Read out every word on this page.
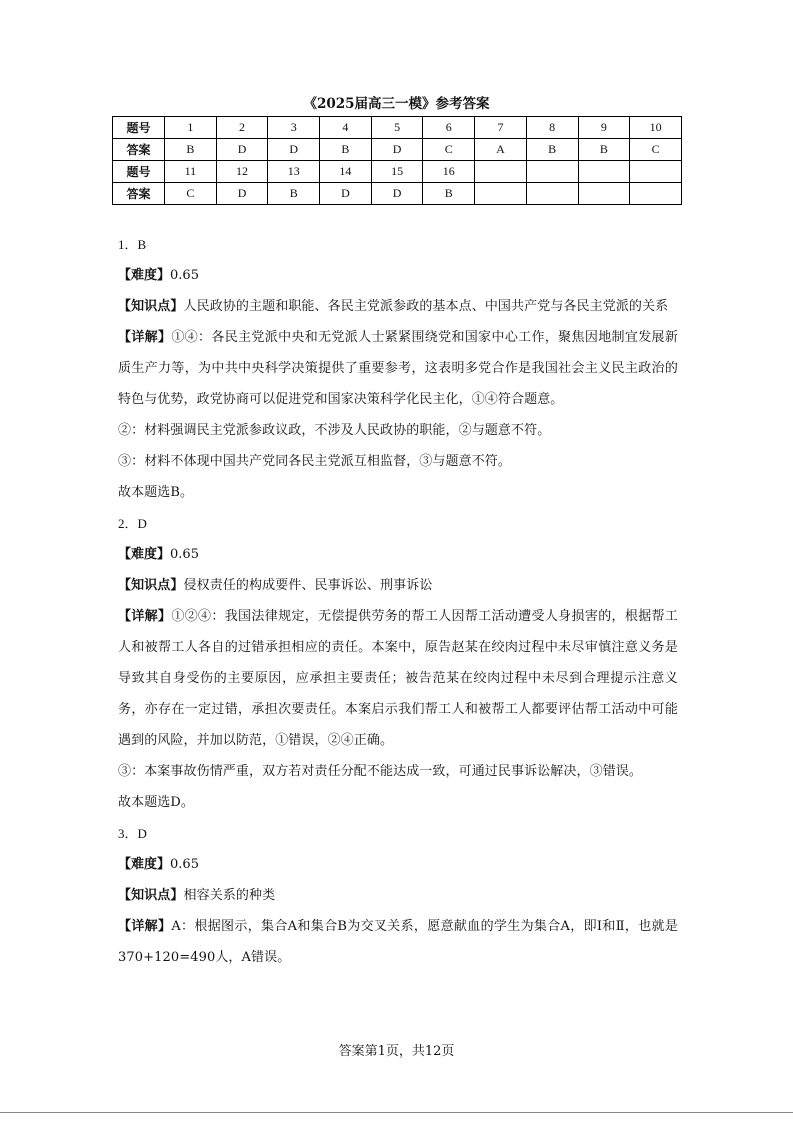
《2025届高三一模》参考答案
题号	1	2	3	4	5	6	7	8	9	10
答案	B	D	D	B	D	C	A	B	B	C
题号	11	12	13	14	15	16				
答案	C	D	B	D	D	B				
1．B
【难度】0.65
【知识点】人民政协的主题和职能、各民主党派参政的基本点、中国共产党与各民主党派的关系
【详解】①④：各民主党派中央和无党派人士紧紧围绕党和国家中心工作，聚焦因地制宜发展新质生产力等，为中共中央科学决策提供了重要参考，这表明多党合作是我国社会主义民主政治的特色与优势，政党协商可以促进党和国家决策科学化民主化，①④符合题意。
②：材料强调民主党派参政议政，不涉及人民政协的职能，②与题意不符。
③：材料不体现中国共产党同各民主党派互相监督，③与题意不符。
故本题选B。
2．D
【难度】0.65
【知识点】侵权责任的构成要件、民事诉讼、刑事诉讼
【详解】①②④：我国法律规定，无偿提供劳务的帮工人因帮工活动遭受人身损害的，根据帮工人和被帮工人各自的过错承担相应的责任。本案中，原告赵某在绞肉过程中未尽审慎注意义务是导致其自身受伤的主要原因，应承担主要责任；被告范某在绞肉过程中未尽到合理提示注意义务，亦存在一定过错，承担次要责任。本案启示我们帮工人和被帮工人都要评估帮工活动中可能遇到的风险，并加以防范，①错误，②④正确。
③：本案事故伤情严重，双方若对责任分配不能达成一致，可通过民事诉讼解决，③错误。
故本题选D。
3．D
【难度】0.65
【知识点】相容关系的种类
【详解】A：根据图示，集合A和集合B为交叉关系，愿意献血的学生为集合A，即Ⅰ和Ⅱ，也就是370+120=490人，A错误。
答案第1页，共12页
